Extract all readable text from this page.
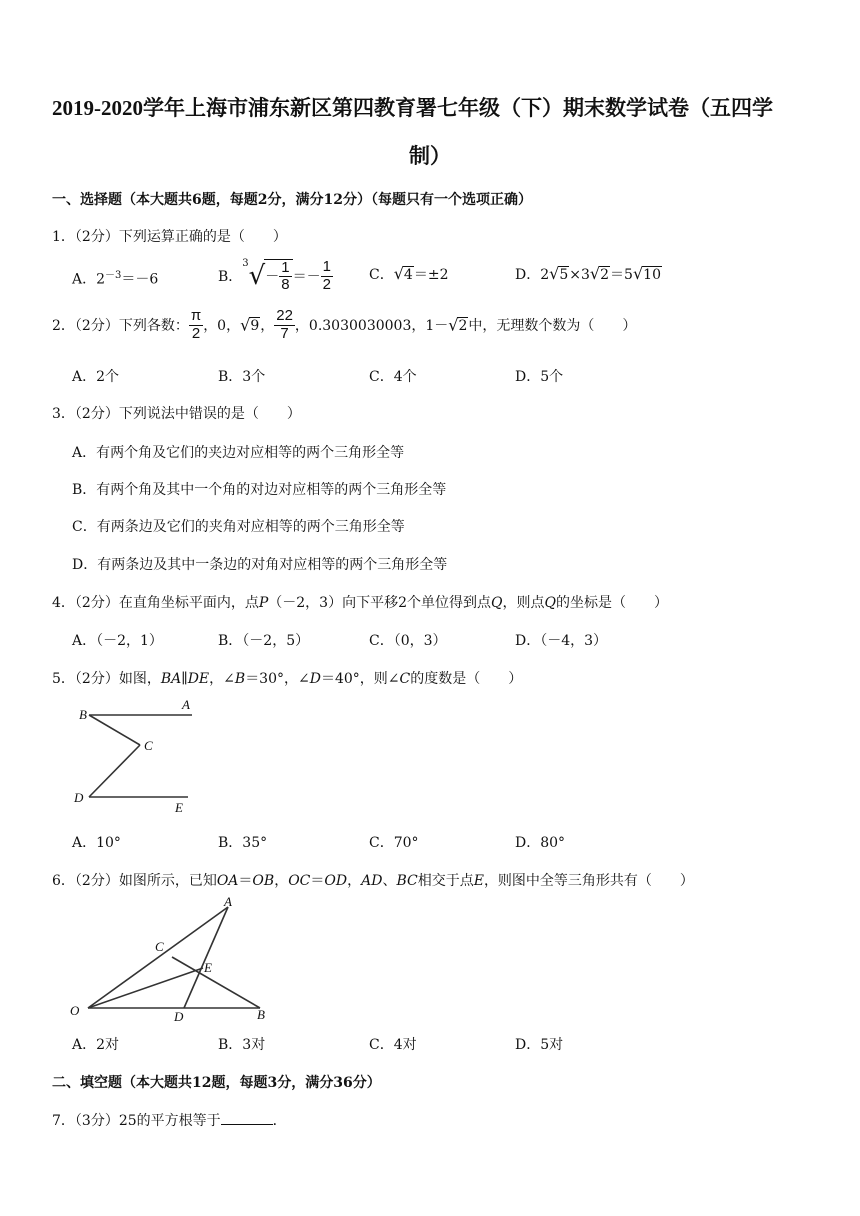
2019-2020学年上海市浦东新区第四教育署七年级（下）期末数学试卷（五四学
制）
一、选择题（本大题共6题，每题2分，满分12分）（每题只有一个选项正确）
1．（2分）下列运算正确的是（　　）
A．$2^{-3}=-6$	B．$^3√- \frac{1}{8} =- \frac{1}{2}$	C．√4＝±2	D．2√5×3√2＝5√10
2．（2分）下列各数： $\frac{\pi}{2}$ ，0，√9， $\frac{22}{7}$ ，0.3030030003，1－√2中，无理数个数为（　　）
A．2个	B．3个	C．4个	D．5个
3．（2分）下列说法中错误的是（　　）
A．有两个角及它们的夹边对应相等的两个三角形全等
B．有两个角及其中一个角的对边对应相等的两个三角形全等
C．有两条边及它们的夹角对应相等的两个三角形全等
D．有两条边及其中一条边的对角对应相等的两个三角形全等
4．（2分）在直角坐标平面内，点P（－2，3）向下平移2个单位得到点Q，则点Q的坐标是（　　）
A．（－2，1）	B．（－2，5）	C．（0，3）	D．（－4，3）
5．（2分）如图，BA∥DE，∠B＝30°，∠D＝40°，则∠C的度数是（　　）
B
A
C
D
E
A．10°	B．35°	C．70°	D．80°
6．（2分）如图所示，已知OA＝OB，OC＝OD，AD、BC相交于点E，则图中全等三角形共有（　　）
A
C
E
O	D	B
A．2对	B．3对	C．4对	D．5对
二、填空题（本大题共12题，每题3分，满分36分）
7．（3分）25的平方根等于	．
